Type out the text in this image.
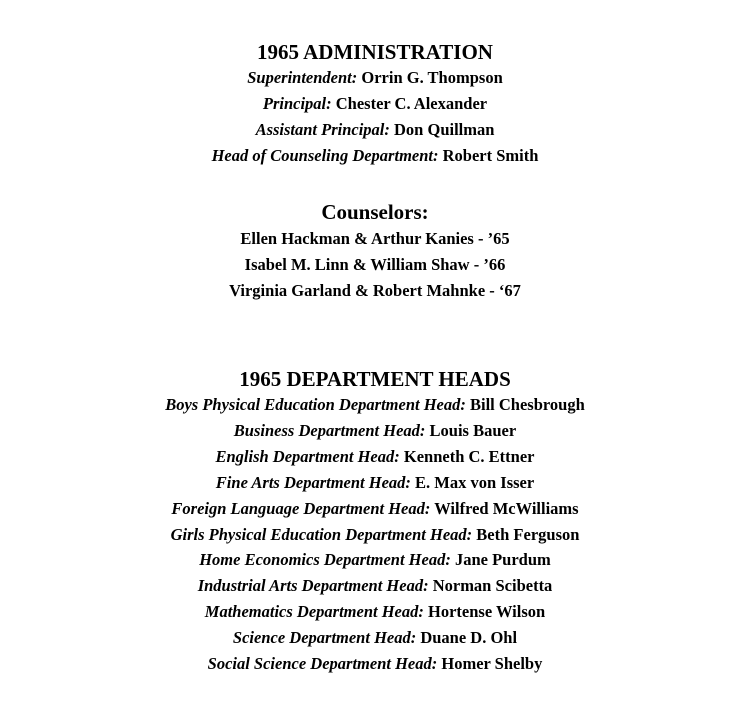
1965 ADMINISTRATION
Superintendent: Orrin G. Thompson
Principal: Chester C. Alexander
Assistant Principal: Don Quillman
Head of Counseling Department: Robert Smith
Counselors:
Ellen Hackman & Arthur Kanies - ’65
Isabel M. Linn & William Shaw - ’66
Virginia Garland & Robert Mahnke - ‘67
1965 DEPARTMENT HEADS
Boys Physical Education Department Head: Bill Chesbrough
Business Department Head: Louis Bauer
English Department Head: Kenneth C. Ettner
Fine Arts Department Head: E. Max von Isser
Foreign Language Department Head: Wilfred McWilliams
Girls Physical Education Department Head: Beth Ferguson
Home Economics Department Head: Jane Purdum
Industrial Arts Department Head: Norman Scibetta
Mathematics Department Head: Hortense Wilson
Science Department Head: Duane D. Ohl
Social Science Department Head: Homer Shelby
